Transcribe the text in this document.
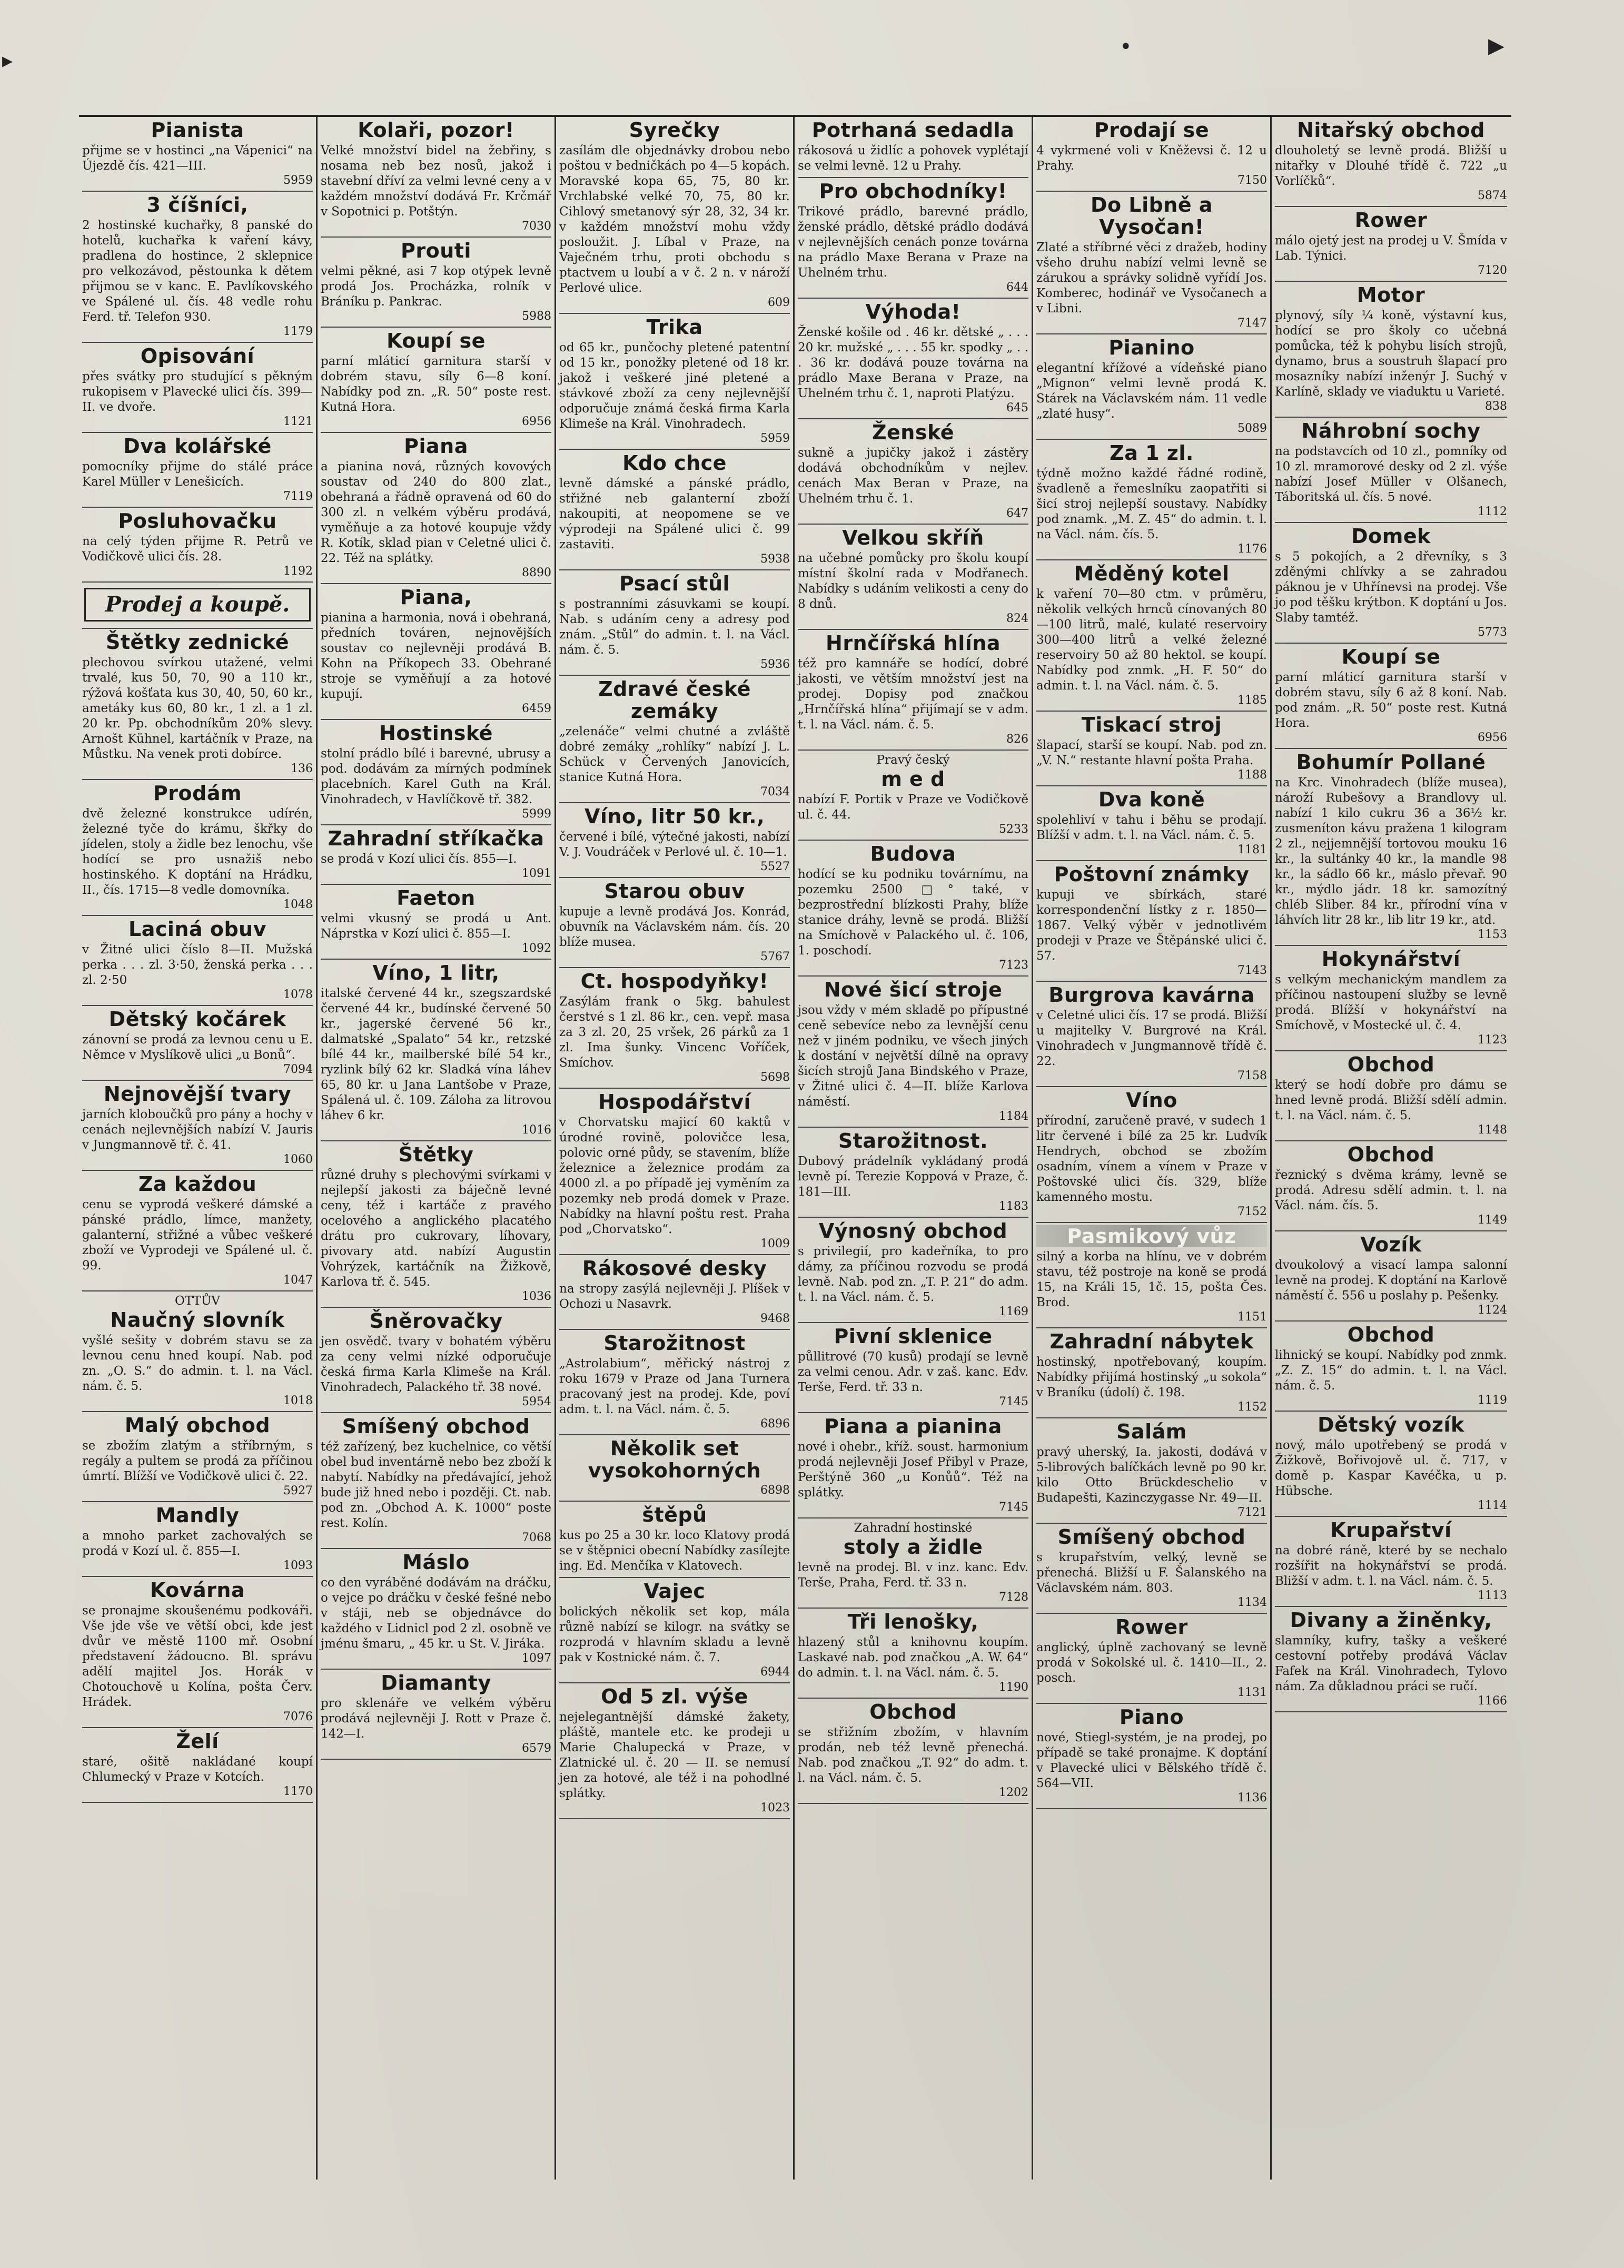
▸
•	▶
Pianista

přijme se v hostinci „na Vápenici“ na Újezdě čís. 421—III.

5959
3 číšníci,

2 hostinské kuchařky, 8 panské do hotelů, kuchařka k vaření kávy, pradlena do hostince, 2 sklepnice pro velkozávod, pěstounka k dětem přijmou se v kanc. E. Pavlíkovského ve Spálené ul. čís. 48 vedle rohu Ferd. tř. Telefon 930.

1179
Opisování

přes svátky pro studující s pěkným rukopisem v Plavecké ulici čís. 399—II. ve dvoře.

1121
Dva kolářské

pomocníky přijme do stálé práce Karel Müller v Lenešicích.

7119
Posluhovačku

na celý týden přijme R. Petrů ve Vodičkově ulici čís. 28.

1192
Prodej a koupě.
Štětky zednické

plechovou svírkou utažené, velmi trvalé, kus 50, 70, 90 a 110 kr., rýžová košťata kus 30, 40, 50, 60 kr., ametáky kus 60, 80 kr., 1 zl. a 1 zl. 20 kr. Pp. obchodníkům 20% slevy. Arnošt Kühnel, kartáčník v Praze, na Můstku. Na venek proti dobírce.

136
Prodám

dvě železné konstrukce udírén, železné tyče do krámu, škřky do jídelen, stoly a židle bez lenochu, vše hodící se pro usnažiš nebo hostinského. K doptání na Hrádku, II., čís. 1715—8 vedle domovníka.

1048
Laciná obuv

v Žitné ulici číslo 8—II. Mužská perka . . . zl. 3·50, ženská perka . . . zl. 2·50

1078
Dětský kočárek

zánovní se prodá za levnou cenu u E. Němce v Myslíkově ulici „u Bonů“.

7094
Nejnovější tvary

jarních kloboučků pro pány a hochy v cenách nejlevnějších nabízí V. Jauris v Jungmannově tř. č. 41.

1060
Za každou

cenu se vyprodá veškeré dámské a pánské prádlo, límce, manžety, galanterní, střižné a vůbec veškeré zboží ve Vyprodeji ve Spálené ul. č. 99.

1047

OTTŮV

Naučný slovník

vyšlé sešity v dobrém stavu se za levnou cenu hned koupí. Nab. pod zn. „O. S.“ do admin. t. l. na Václ. nám. č. 5.

1018
Malý obchod

se zbožím zlatým a stříbrným, s regály a pultem se prodá za příčinou úmrtí. Blížší ve Vodičkově ulici č. 22.

5927
Mandly

a mnoho parket zachovalých se prodá v Kozí ul. č. 855—I.

1093
Kovárna

se pronajme skoušenému podkováři. Vše jde vše ve větší obci, kde jest dvůr ve městě 1100 mř. Osobní představení žádoucno. Bl. správu adělí majitel Jos. Horák v Chotouchově u Kolína, pošta Červ. Hrádek.

7076
Želí

staré, ošitě nakládané koupí Chlumecký v Praze v Kotcích.

1170
Kolaři, pozor!

Velké množství bidel na žebřiny, s nosama neb bez nosů, jakož i stavební dříví za velmi levné ceny a v každém množství dodává Fr. Krčmář v Sopotnici p. Potštýn.

7030
Prouti

velmi pěkné, asi 7 kop otýpek levně prodá Jos. Procházka, rolník v Bráníku p. Pankrac.

5988
Koupí se

parní mláticí garnitura starší v dobrém stavu, síly 6—8 koní. Nabídky pod zn. „R. 50“ poste rest. Kutná Hora.

6956
Piana

a pianina nová, různých kovových soustav od 240 do 800 zlat., obehraná a řádně opravená od 60 do 300 zl. n velkém výběru prodává, vyměňuje a za hotové koupuje vždy R. Kotík, sklad pian v Celetné ulici č. 22. Též na splátky.

8890
Piana,

pianina a harmonia, nová i obehraná, předních továren, nejnovějších soustav co nejlevněji prodává B. Kohn na Příkopech 33. Obehrané stroje se vyměňují a za hotové kupují.

6459
Hostinské

stolní prádlo bílé i barevné, ubrusy a pod. dodávám za mírných podmínek placebních. Karel Guth na Král. Vinohradech, v Havlíčkově tř. 382.

5999
Zahradní stříkačka

se prodá v Kozí ulici čís. 855—I.

1091
Faeton

velmi vkusný se prodá u Ant. Náprstka v Kozí ulici č. 855—I.

1092
Víno, 1 litr,

italské červené 44 kr., szegszardské červené 44 kr., budínské červené 50 kr., jagerské červené 56 kr., dalmatské „Spalato“ 54 kr., retzské bílé 44 kr., mailberské bílé 54 kr., ryzlink bílý 62 kr. Sladká vína láhev 65, 80 kr. u Jana Lantšobe v Praze, Spálená ul. č. 109. Záloha za litrovou láhev 6 kr.

1016
Štětky

různé druhy s plechovými svírkami v nejlepší jakosti za báječně levné ceny, též i kartáče z pravého ocelového a anglického placatého drátu pro cukrovary, líhovary, pivovary atd. nabízí Augustin Vohrýzek, kartáčník na Žižkově, Karlova tř. č. 545.

1036
Šněrovačky

jen osvědč. tvary v bohatém výběru za ceny velmi nízké odporučuje česká firma Karla Klimeše na Král. Vinohradech, Palackého tř. 38 nové.

5954
Smíšený obchod

též zařízený, bez kuchelnice, co větší obel bud inventárně nebo bez zboží k nabytí. Nabídky na předávající, jehož bude již hned nebo i později. Ct. nab. pod zn. „Obchod A. K. 1000“ poste rest. Kolín.

7068
Máslo

co den vyráběné dodávám na dráčku, o vejce po dráčku v české fešné nebo v stáji, neb se objednávce do každého v Lidnicl pod 2 zl. osobně ve jménu šmaru, „ 45 kr. u St. V. Jiráka.

1097
Diamanty

pro sklenáře ve velkém výběru prodává nejlevněji J. Rott v Praze č. 142—I.

6579
Syrečky

zasílám dle objednávky drobou nebo poštou v bedničkách po 4—5 kopách. Moravské kopa 65, 75, 80 kr. Vrchlabské velké 70, 75, 80 kr. Cihlový smetanový sýr 28, 32, 34 kr. v každém množství mohu vždy posloužit. J. Líbal v Praze, na Vaječném trhu, proti obchodu s ptactvem u loubí a v č. 2 n. v nároží Perlové ulice.

609
Trika

od 65 kr., punčochy pletené patentní od 15 kr., ponožky pletené od 18 kr. jakož i veškeré jiné pletené a stávkové zboží za ceny nejlevnější odporučuje známá česká firma Karla Klimeše na Král. Vinohradech.

5959
Kdo chce

levně dámské a pánské prádlo, střižné neb galanterní zboží nakoupiti, at neopomene se ve výprodeji na Spálené ulici č. 99 zastaviti.

5938
Psací stůl

s postranními zásuvkami se koupí. Nab. s udáním ceny a adresy pod znám. „Stůl“ do admin. t. l. na Václ. nám. č. 5.

5936
Zdravé české zemáky

„zelenáče“ velmi chutné a zvláště dobré zemáky „rohlíky“ nabízí J. L. Schück v Červených Janovicích, stanice Kutná Hora.

7034
Víno, litr 50 kr.,

červené i bílé, výtečné jakosti, nabízí V. J. Voudráček v Perlové ul. č. 10—1.

5527
Starou obuv

kupuje a levně prodává Jos. Konrád, obuvník na Václavském nám. čís. 20 blíže musea.

5767
Ct. hospodyňky!

Zasýlám frank o 5kg. bahulest čerstvé s 1 zl. 86 kr., cen. vepř. masa za 3 zl. 20, 25 vršek, 26 párků za 1 zl. Ima šunky. Vincenc Voříček, Smíchov.

5698
Hospodářství

v Chorvatsku majicí 60 kaktů v úrodné rovině, polovičce lesa, polovic orné půdy, se stavením, blíže železnice a železnice prodám za 4000 zl. a po případě jej vyměním za pozemky neb prodá domek v Praze. Nabídky na hlavní poštu rest. Praha pod „Chorvatsko“.

1009
Rákosové desky

na stropy zasýlá nejlevněji J. Plíšek v Ochozi u Nasavrk.

9468
Starožitnost

„Astrolabium“, měřický nástroj z roku 1679 v Praze od Jana Turnera pracovaný jest na prodej. Kde, poví adm. t. l. na Václ. nám. č. 5.

6896
Několik set vysokohorných

6898
štěpů

kus po 25 a 30 kr. loco Klatovy prodá se v štěpnici obecní Nabídky zasílejte ing. Ed. Menčíka v Klatovech.

Vajec

bolických několik set kop, mála různě nabízí se kilogr. na svátky se rozprodá v hlavním skladu a levně pak v Kostnické nám. č. 7.

6944
Od 5 zl. výše

nejelegantnější dámské žakety, pláště, mantele etc. ke prodeji u Marie Chalupecká v Praze, v Zlatnické ul. č. 20 — II. se nemusí jen za hotové, ale též i na pohodlné splátky.

1023
Potrhaná sedadla

rákosová u židlíc a pohovek vyplétají se velmi levně. 12 u Prahy.

Pro obchodníky!

Trikové prádlo, barevné prádlo, ženské prádlo, dětské prádlo dodává v nejlevnějších cenách ponze továrna na prádlo Maxe Berana v Praze na Uhelném trhu.

644
Výhoda!

Ženské košile od . 46 kr. dětské „ . . . 20 kr. mužské „ . . . 55 kr. spodky „ . . . 36 kr. dodává pouze továrna na prádlo Maxe Berana v Praze, na Uhelném trhu č. 1, naproti Platýzu.

645
Ženské

sukně a jupičky jakož i zástěry dodává obchodníkům v nejlev. cenách Max Beran v Praze, na Uhelném trhu č. 1.

647
Velkou skříň

na učebné pomůcky pro školu koupí místní školní rada v Modřanech. Nabídky s udáním velikosti a ceny do 8 dnů.

824
Hrnčířská hlína

též pro kamnáře se hodící, dobré jakosti, ve větším množství jest na prodej. Dopisy pod značkou „Hrnčířská hlína“ přijímají se v adm. t. l. na Václ. nám. č. 5.

826

Pravý český

m e d

nabízí F. Portik v Praze ve Vodičkově ul. č. 44.

5233
Budova

hodící se ku podniku továrnímu, na pozemku 2500 □° také, v bezprostřední blízkosti Prahy, blíže stanice dráhy, levně se prodá. Bližší na Smíchově v Palackého ul. č. 106, 1. poschodí.

7123
Nové šicí stroje

jsou vždy v mém skladě po přípustné ceně sebevíce nebo za levnější cenu než v jiném podniku, ve všech jiných k dostání v největší dílně na opravy šicích strojů Jana Bindského v Praze, v Žitné ulici č. 4—II. blíže Karlova náměstí.

1184
Starožitnost.

Dubový prádelník vykládaný prodá levně pí. Terezie Koppová v Praze, č. 181—III.

1183
Výnosný obchod

s privilegií, pro kadeřníka, to pro dámy, za příčinou rozvodu se prodá levně. Nab. pod zn. „T. P. 21“ do adm. t. l. na Václ. nám. č. 5.

1169
Pivní sklenice

půllitrové (70 kusů) prodají se levně za velmi cenou. Adr. v zaš. kanc. Edv. Terše, Ferd. tř. 33 n.

7145
Piana a pianina

nové i ohebr., kříž. soust. harmonium prodá nejlevněji Josef Přibyl v Praze, Perštýně 360 „u Konůů“. Též na splátky.

7145

Zahradní hostinské

stoly a židle

levně na prodej. Bl. v inz. kanc. Edv. Terše, Praha, Ferd. tř. 33 n.

7128
Tři lenošky,

hlazený stůl a knihovnu koupím. Laskavé nab. pod značkou „A. W. 64“ do admin. t. l. na Václ. nám. č. 5.

1190
Obchod

se střižním zbožím, v hlavním prodán, neb též levně přenechá. Nab. pod značkou „T. 92“ do adm. t. l. na Václ. nám. č. 5.

1202
Prodají se

4 vykrmené voli v Kněževsi č. 12 u Prahy.

7150
Do Libně a Vysočan!

Zlaté a stříbrné věci z dražeb, hodiny všeho druhu nabízí velmi levně se zárukou a správky solidně vyřídí Jos. Komberec, hodinář ve Vysočanech a v Libni.

7147
Pianino

elegantní křížové a vídeňské piano „Mignon“ velmi levně prodá K. Stárek na Václavském nám. 11 vedle „zlaté husy“.

5089
Za 1 zl.

týdně možno každé řádné rodině, švadleně a řemeslníku zaopatřiti si šicí stroj nejlepší soustavy. Nabídky pod znamk. „M. Z. 45“ do admin. t. l. na Václ. nám. čís. 5.

1176
Měděný kotel

k vaření 70—80 ctm. v průměru, několik velkých hrnců cínovaných 80—100 litrů, malé, kulaté reservoiry 300—400 litrů a velké železné reservoiry 50 až 80 hektol. se koupí. Nabídky pod znmk. „H. F. 50“ do admin. t. l. na Václ. nám. č. 5.

1185
Tiskací stroj

šlapací, starší se koupí. Nab. pod zn. „V. N.“ restante hlavní pošta Praha.

1188
Dva koně

spolehliví v tahu i běhu se prodají. Blížší v adm. t. l. na Václ. nám. č. 5.

1181
Poštovní známky

kupuji ve sbírkách, staré korrespondenční lístky z r. 1850—1867. Velký výběr v jednotlivém prodeji v Praze ve Štěpánské ulici č. 57.

7143
Burgrova kavárna

v Celetné ulici čís. 17 se prodá. Bližší u majitelky V. Burgrové na Král. Vinohradech v Jungmannově třídě č. 22.

7158
Víno

přírodní, zaručeně pravé, v sudech 1 litr červené i bílé za 25 kr. Ludvík Hendrych, obchod se zbožím osadním, vínem a vínem v Praze v Poštovské ulici čís. 329, blíže kamenného mostu.

7152
Pasmikový vůz

silný a korba na hlínu, ve v dobrém stavu, též postroje na koně se prodá 15, na Králi 15, 1č. 15, pošta Čes. Brod.

1151
Zahradní nábytek

hostinský, npotřebovaný, koupím. Nabídky přijímá hostinský „u sokola“ v Braníku (údolí) č. 198.

1152
Salám

pravý uherský, Ia. jakosti, dodává v 5-librových balíčkách levně po 90 kr. kilo Otto Brückdeschelio v Budapešti, Kazinczygasse Nr. 49—II.

7121
Smíšený obchod

s krupařstvím, velký, levně se přenechá. Bližší u F. Šalanského na Václavském nám. 803.

1134
Rower

anglický, úplně zachovaný se levně prodá v Sokolské ul. č. 1410—II., 2. posch.

1131
Piano

nové, Stiegl-systém, je na prodej, po případě se také pronajme. K doptání v Plavecké ulici v Bělského třídě č. 564—VII.

1136
Nitařský obchod

dlouholetý se levně prodá. Bližší u nitařky v Dlouhé třídě č. 722 „u Vorlíčků“.

5874
Rower

málo ojetý jest na prodej u V. Šmída v Lab. Týnici.

7120
Motor

plynový, síly ¼ koně, výstavní kus, hodící se pro školy co učebná pomůcka, též k pohybu lisích strojů, dynamo, brus a soustruh šlapací pro mosazníky nabízí inženýr J. Suchý v Karlíně, sklady ve viaduktu u Varieté.

838
Náhrobní sochy

na podstavcích od 10 zl., pomníky od 10 zl. mramorové desky od 2 zl. výše nabízí Josef Müller v Olšanech, Táboritská ul. čís. 5 nové.

1112
Domek

s 5 pokojích, a 2 dřevníky, s 3 zděnými chlívky a se zahradou páknou je v Uhřínevsi na prodej. Vše jo pod těšku krýtbon. K doptání u Jos. Slaby tamtéž.

5773
Koupí se

parní mláticí garnitura starší v dobrém stavu, síly 6 až 8 koní. Nab. pod znám. „R. 50“ poste rest. Kutná Hora.

6956
Bohumír Pollané

na Krc. Vinohradech (blíže musea), nároží Rubešovy a Brandlovy ul. nabízí 1 kilo cukru 36 a 36½ kr. zusmeníton kávu pražena 1 kilogram 2 zl., nejjemnější tortovou mouku 16 kr., la sultánky 40 kr., la mandle 98 kr., la sádlo 66 kr., máslo převař. 90 kr., mýdlo jádr. 18 kr. samozítný chléb Sliber. 84 kr., přírodní vína v láhvích litr 28 kr., lib litr 19 kr., atd.

1153
Hokynářství

s velkým mechanickým mandlem za příčinou nastoupení služby se levně prodá. Blížší v hokynářství na Smíchově, v Mostecké ul. č. 4.

1123
Obchod

který se hodí dobře pro dámu se hned levně prodá. Bližší sdělí admin. t. l. na Václ. nám. č. 5.

1148
Obchod

řeznický s dvěma krámy, levně se prodá. Adresu sdělí admin. t. l. na Václ. nám. čís. 5.

1149
Vozík

dvoukolový a visací lampa salonní levně na prodej. K doptání na Karlově náměstí č. 556 u poslahy p. Pešenky.

1124
Obchod

lihnický se koupí. Nabídky pod znmk. „Z. Z. 15“ do admin. t. l. na Václ. nám. č. 5.

1119
Dětský vozík

nový, málo upotřebený se prodá v Žižkově, Bořivojově ul. č. 717, v domě p. Kaspar Kavéčka, u p. Hübsche.

1114
Krupařství

na dobré ráně, které by se nechalo rozšířit na hokynářství se prodá. Bližší v adm. t. l. na Václ. nám. č. 5.

1113
Divany a žiněnky,

slamníky, kufry, tašky a veškeré cestovní potřeby prodává Václav Fafek na Král. Vinohradech, Tylovo nám. Za důkladnou práci se ručí.

1166
